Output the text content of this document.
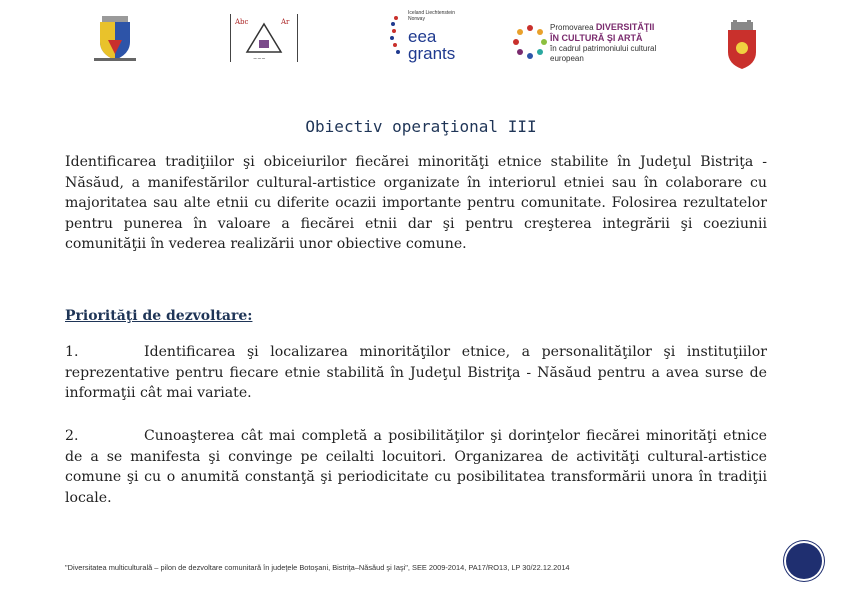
Abc	Ar
~~~
Iceland Liechtenstein Norway
eea
grants
Promovarea DIVERSITĂŢII
ÎN CULTURĂ ŞI ARTĂ
în cadrul patrimoniului cultural european
Obiectiv operaţional III
Identificarea tradiţiilor şi obiceiurilor fiecărei minorităţi etnice stabilite în Judeţul Bistriţa - Năsăud, a manifestărilor cultural-artistice organizate în interiorul etniei sau în colaborare cu majoritatea sau alte etnii cu diferite ocazii importante pentru comunitate. Folosirea rezultatelor pentru punerea în valoare a fiecărei etnii dar şi pentru creşterea integrării şi coeziunii comunităţii în vederea realizării unor obiective comune.
Priorităţi de dezvoltare:
1.	Identificarea şi localizarea minorităţilor etnice, a personalităţilor şi instituţiilor reprezentative pentru fiecare etnie stabilită în Judeţul Bistriţa - Năsăud pentru a avea surse de informaţii cât mai variate.
2.	Cunoaşterea cât mai completă a posibilităţilor şi dorinţelor fiecărei minorităţi etnice de a se manifesta şi convinge pe ceilalti locuitori. Organizarea de activităţi cultural-artistice comune şi cu o anumită constanţă şi periodicitate cu posibilitatea transformării unora în tradiţii locale.
"Diversitatea multiculturală – pilon de dezvoltare comunitară în judeţele Botoşani, Bistriţa–Năsăud şi Iaşi", SEE 2009-2014, PA17/RO13, LP 30/22.12.2014
